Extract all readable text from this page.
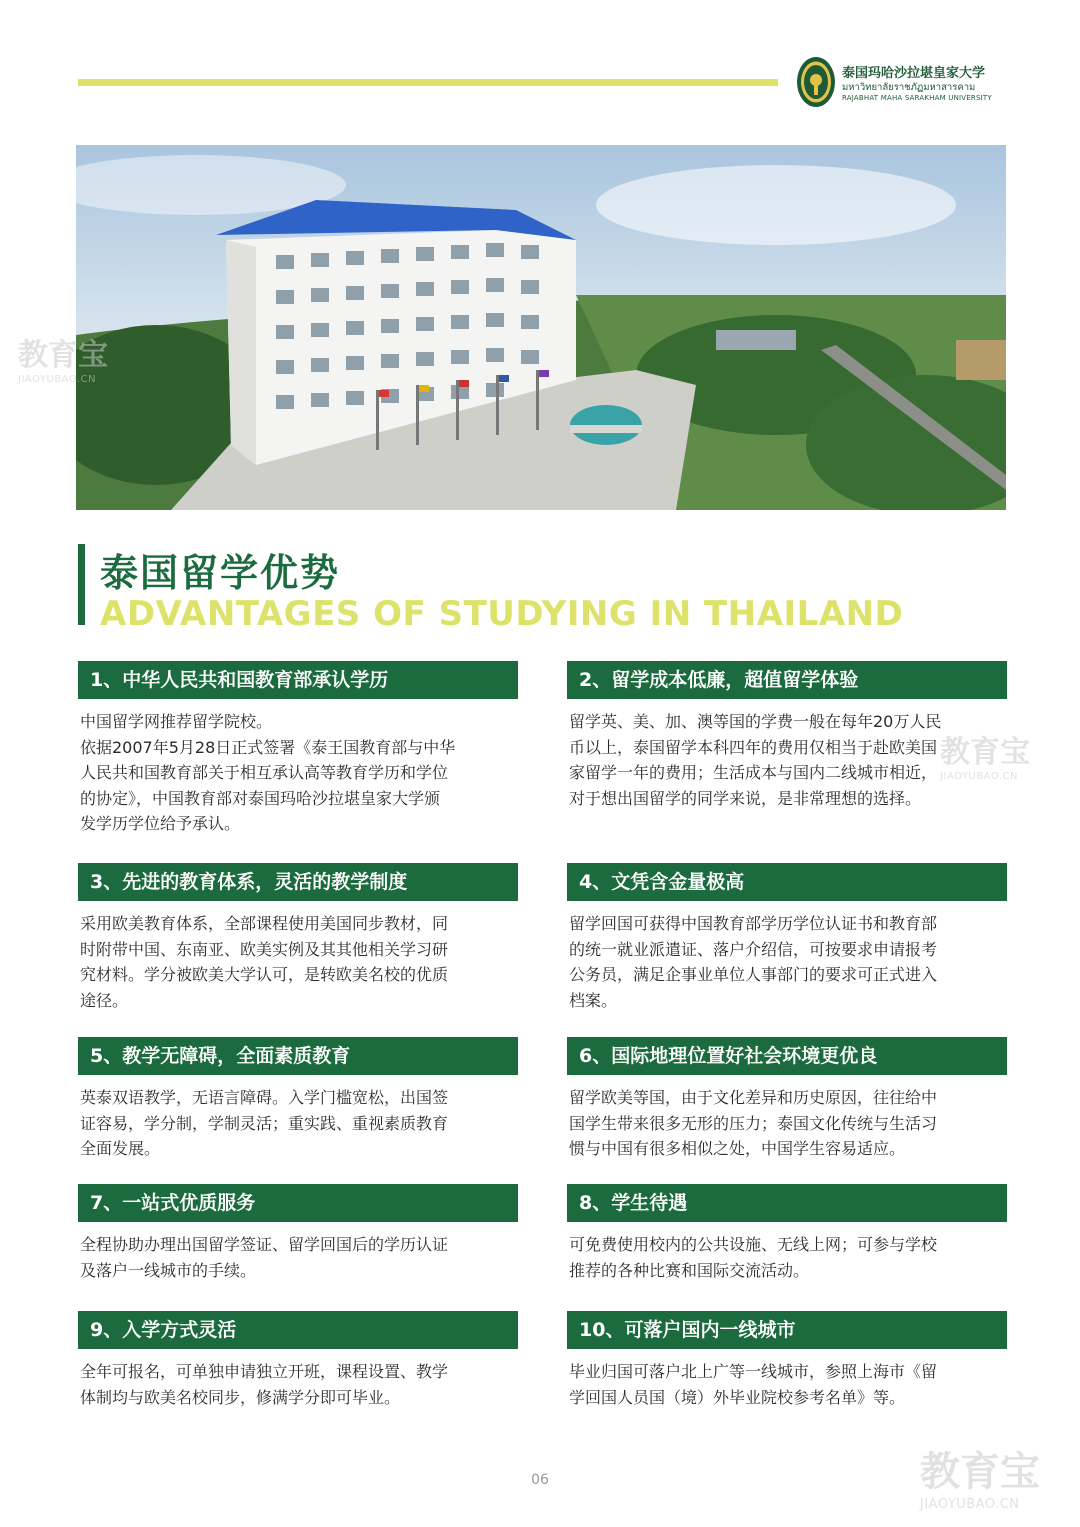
泰国玛哈沙拉堪皇家大学
มหาวิทยาลัยราชภัฏมหาสารคาม
RAJABHAT MAHA SARAKHAM UNIVERSITY
泰国留学优势
ADVANTAGES OF STUDYING IN THAILAND
1、中华人民共和国教育部承认学历
中国留学网推荐留学院校。
依据2007年5月28日正式签署《泰王国教育部与中华
人民共和国教育部关于相互承认高等教育学历和学位
的协定》，中国教育部对泰国玛哈沙拉堪皇家大学颁
发学历学位给予承认。
2、留学成本低廉，超值留学体验
留学英、美、加、澳等国的学费一般在每年20万人民
币以上，泰国留学本科四年的费用仅相当于赴欧美国
家留学一年的费用；生活成本与国内二线城市相近，
对于想出国留学的同学来说，是非常理想的选择。
3、先进的教育体系，灵活的教学制度
采用欧美教育体系，全部课程使用美国同步教材，同
时附带中国、东南亚、欧美实例及其其他相关学习研
究材料。学分被欧美大学认可，是转欧美名校的优质
途径。
4、文凭含金量极高
留学回国可获得中国教育部学历学位认证书和教育部
的统一就业派遣证、落户介绍信，可按要求申请报考
公务员，满足企事业单位人事部门的要求可正式进入
档案。
5、教学无障碍，全面素质教育
英泰双语教学，无语言障碍。入学门槛宽松，出国签
证容易，学分制，学制灵活；重实践、重视素质教育
全面发展。
6、国际地理位置好社会环境更优良
留学欧美等国，由于文化差异和历史原因，往往给中
国学生带来很多无形的压力；泰国文化传统与生活习
惯与中国有很多相似之处，中国学生容易适应。
7、一站式优质服务
全程协助办理出国留学签证、留学回国后的学历认证
及落户一线城市的手续。
8、学生待遇
可免费使用校内的公共设施、无线上网；可参与学校
推荐的各种比赛和国际交流活动。
9、入学方式灵活
全年可报名，可单独申请独立开班，课程设置、教学
体制均与欧美名校同步，修满学分即可毕业。
10、可落户国内一线城市
毕业归国可落户北上广等一线城市，参照上海市《留
学回国人员国（境）外毕业院校参考名单》等。
教育宝
JIAOYUBAO.CN
教育宝
JIAOYUBAO.CN
教育宝
JIAOYUBAO.CN
06
